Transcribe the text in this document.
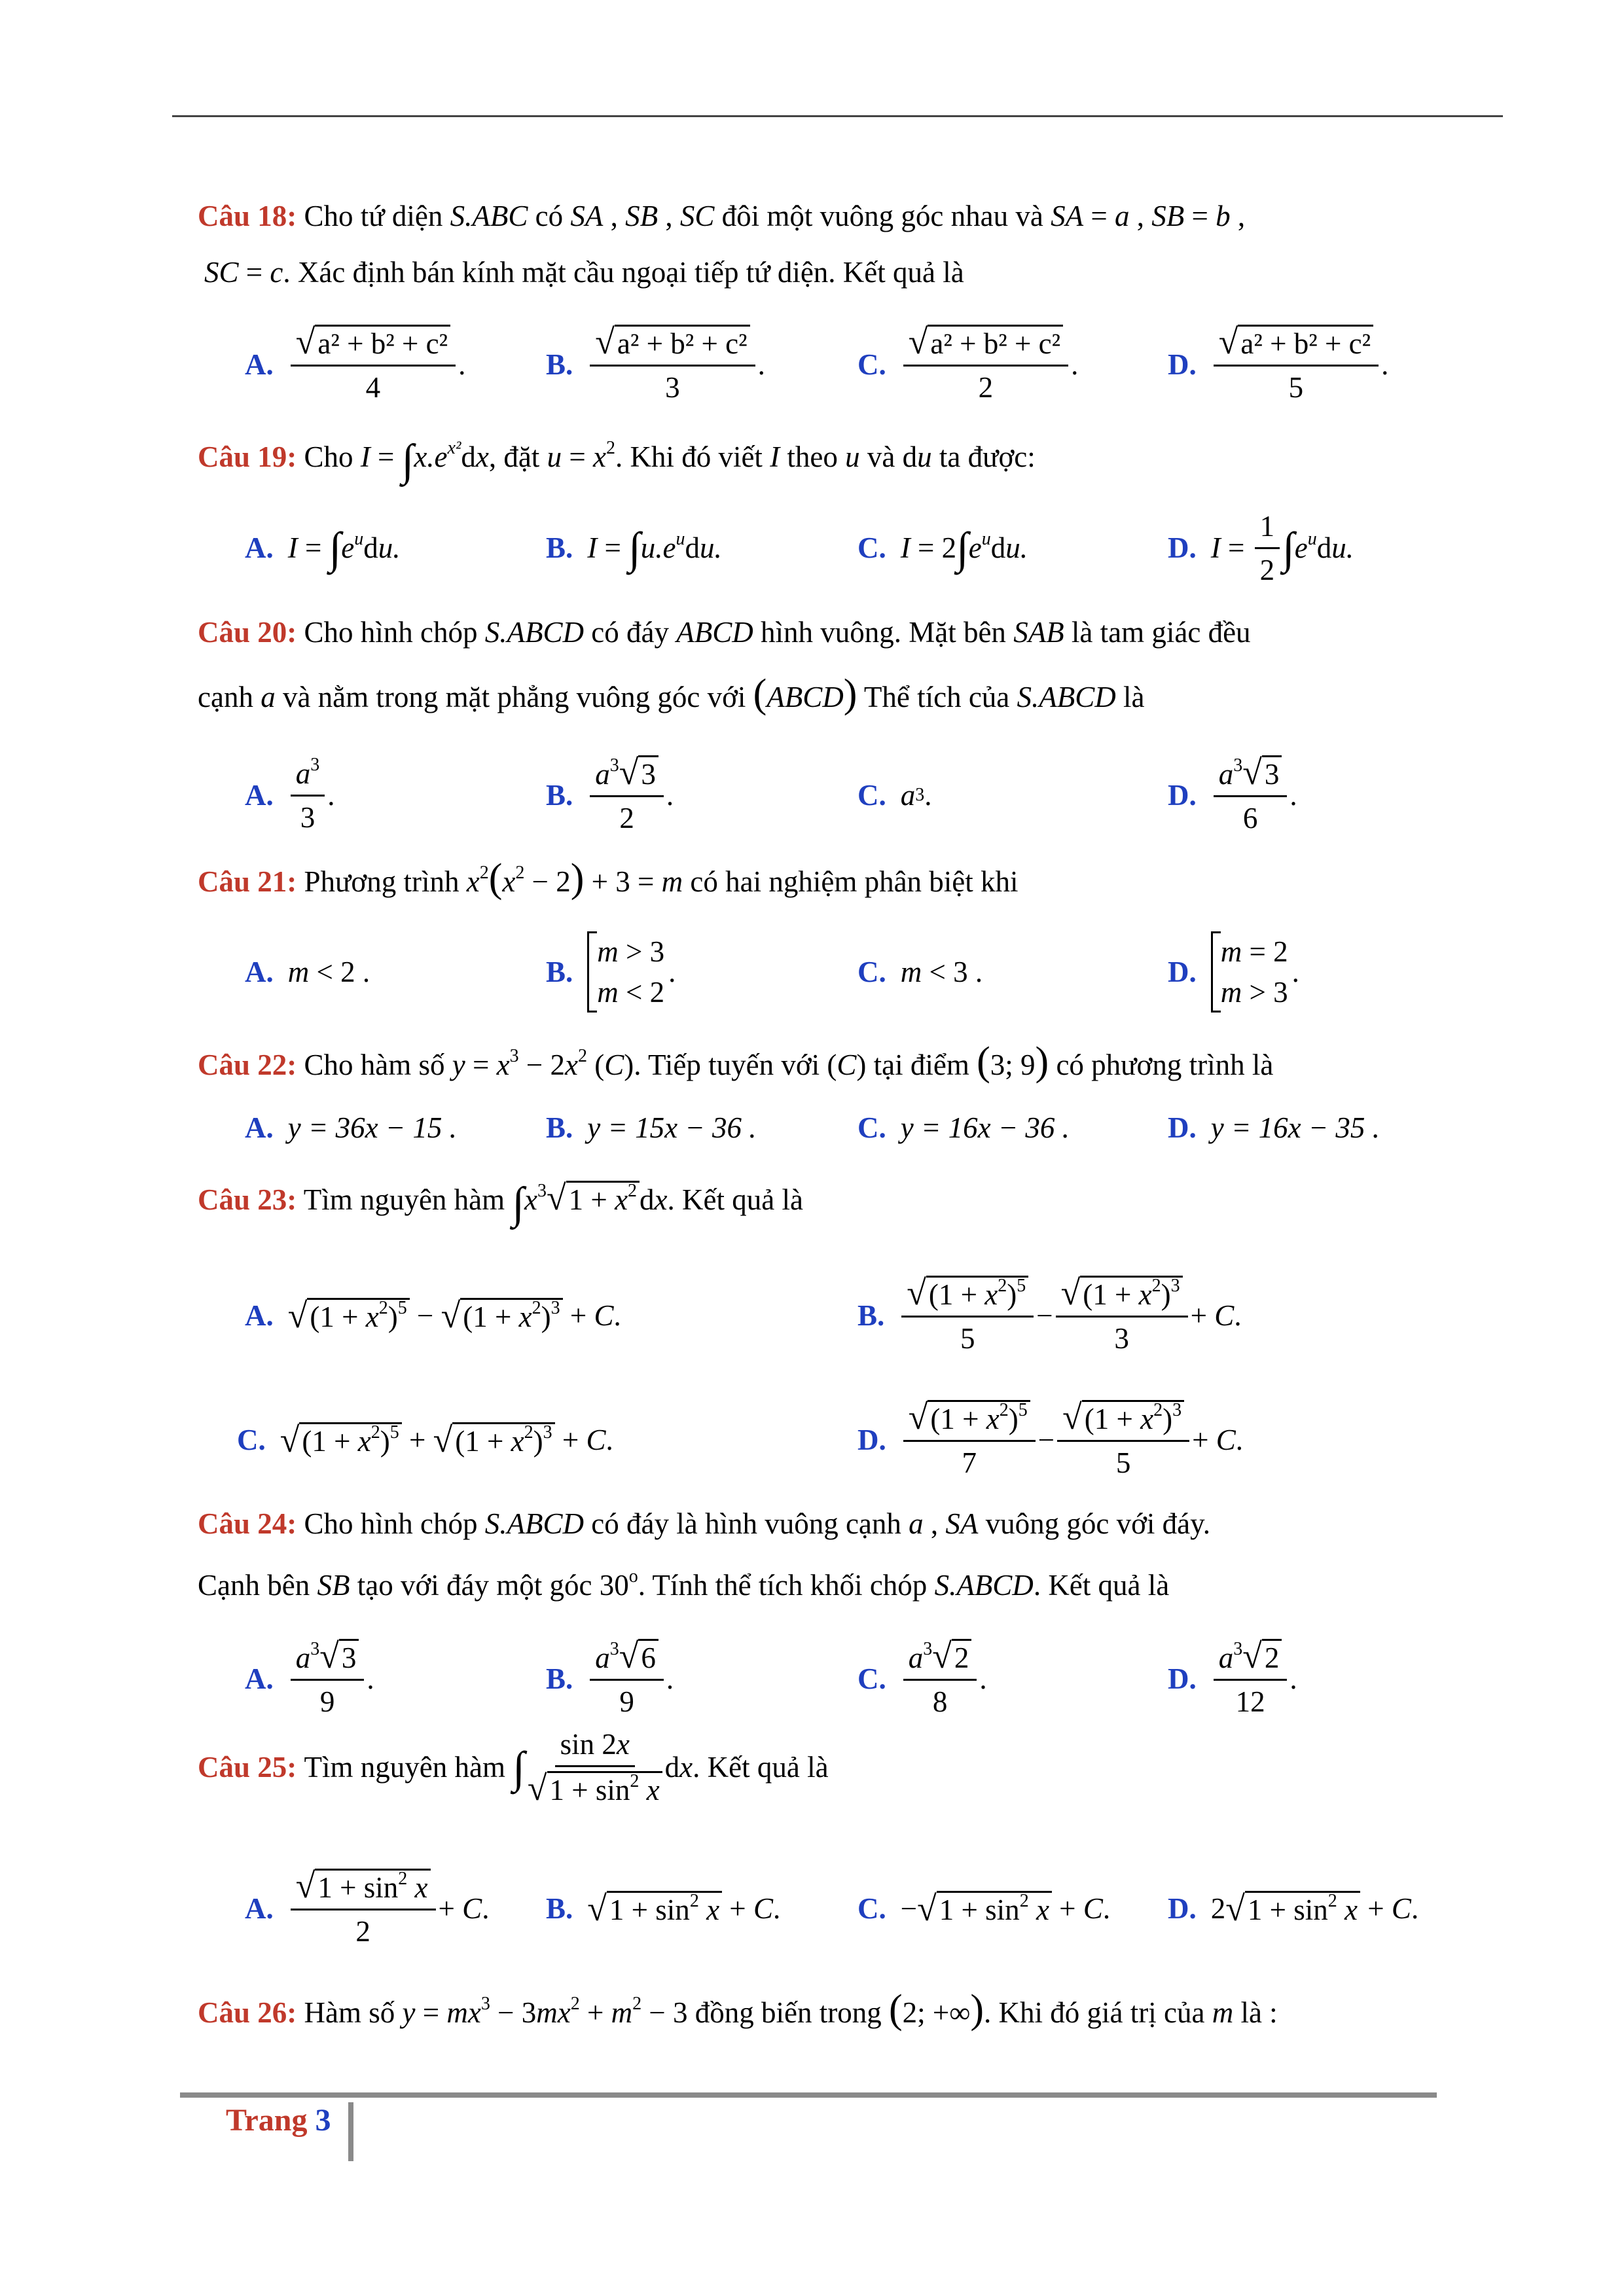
Câu 18: Cho tứ diện S.ABC có SA , SB , SC đôi một vuông góc nhau và SA = a , SB = b ,
SC = c. Xác định bán kính mặt cầu ngoại tiếp tứ diện. Kết quả là
A.
√a² + b² + c²
4
.	B.
√a² + b² + c²
3
.	C.
√a² + b² + c²
2
.	D.
√a² + b² + c²
5
.
Câu 19: Cho $I = \int x.e^{x^2}dx$, đặt $u = x^2$. Khi đó viết I theo u và du ta được:
A. I = ∫ $e^u$ d u.	B. I = ∫ $u.e^u$ d u.	C. I = 2 ∫ $e^u$ d u.	D. I =
1
2 ∫ $e^u$ d u.
Câu 20: Cho hình chóp S.ABCD có đáy ABCD hình vuông. Mặt bên SAB là tam giác đều
cạnh a và nằm trong mặt phẳng vuông góc với (ABCD) Thể tích của S.ABCD là
A.
$a^3$
3
.	B.
$a^3√3$
2
.	C. a 3 .	D.
$a^3√3$
6
.
Câu 21: Phương trình $x^2(x^2 - 2) + 3 = m$ có hai nghiệm phân biệt khi
A. m < 2 .	B.
m > 3
m < 2
.	C. m < 3 .	D.
m = 2
m > 3
.
Câu 22: Cho hàm số $y = x^3 - 2x^2$ (C). Tiếp tuyến với (C) tại điểm (3; 9) có phương trình là
A. y = 36x − 15 .	B. y = 15x − 36 .	C. y = 16x − 36 .	D. y = 16x − 35 .
Câu 23: Tìm nguyên hàm $\int x^3√1 + x^2dx$. Kết quả là
A. √ $(1 + x^2)^5$ − √ $(1 + x^2)^3 + C$ .	B.
$√(1 + x^2)^5$
5
−
$√(1 + x^2)^3$
3
+ C .
C. √ $(1 + x^2)^5$ + √ $(1 + x^2)^3 + C$ .	D.
$√(1 + x^2)^5$
7
−
$√(1 + x^2)^3$
5
+ C .
Câu 24: Cho hình chóp S.ABCD có đáy là hình vuông cạnh a , SA vuông góc với đáy.
Cạnh bên SB tạo với đáy một góc 30$^o$. Tính thể tích khối chóp S.ABCD. Kết quả là
A.
$a^3√3$
9
.	B.
$a^3√6$
9
.	C.
$a^3√2$
8
.	D.
$a^3√2$
12
.
Câu 25:
Tìm nguyên hàm
∫ sin 2x
$√1 + \sin^2 x$
d x . Kết quả là
A.
$√1 + \sin^2 x$
2
+ C . B. √ $1 + \sin^2 x + C$ .	C. − √ $1 + \sin^2 x + C$ . D. 2 √ $1 + \sin^2 x + C$ .
Câu 26: Hàm số $y = mx^3 - 3mx^2 + m^2 - 3$ đồng biến trong (2; +∞). Khi đó giá trị của m là :
Trang 3
